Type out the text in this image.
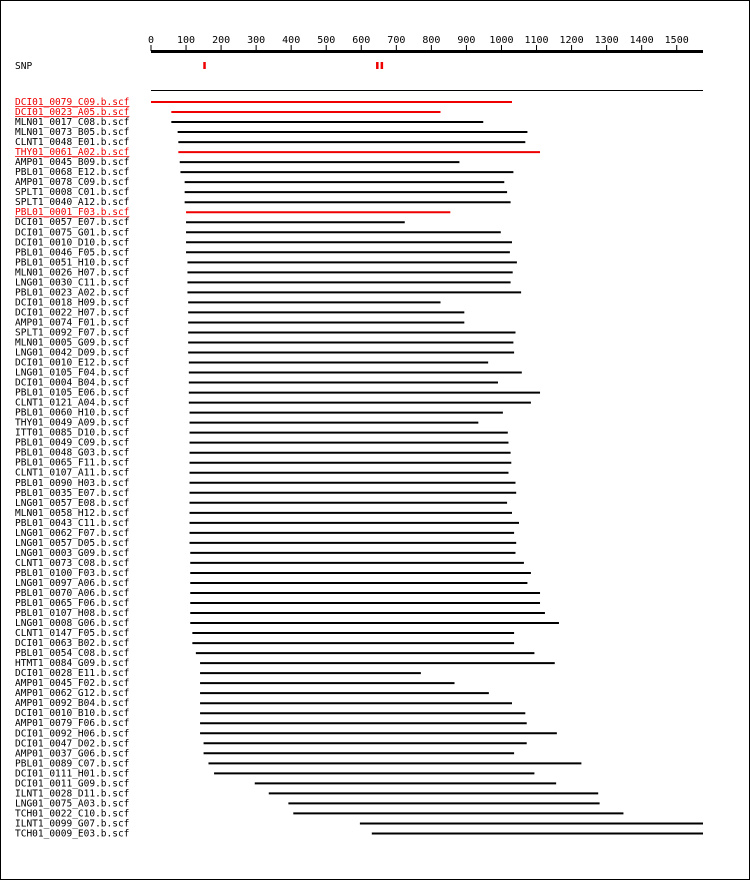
0 100 200 300 400 500 600 700 800 900 1000 1100 1200 1300 1400 1500
SNP
DCI01_0079_C09.b.scf
DCI01_0023_A05.b.scf
MLN01_0017_C08.b.scf
MLN01_0073_B05.b.scf
CLNT1_0048_E01.b.scf
THY01_0061_A02.b.scf
AMP01_0045_B09.b.scf
PBL01_0068_E12.b.scf
AMP01_0078_C09.b.scf
SPLT1_0008_C01.b.scf
SPLT1_0040_A12.b.scf
PBL01_0001_F03.b.scf
DCI01_0057_E07.b.scf
DCI01_0075_G01.b.scf
DCI01_0010_D10.b.scf
PBL01_0046_F05.b.scf
PBL01_0051_H10.b.scf
MLN01_0026_H07.b.scf
LNG01_0030_C11.b.scf
PBL01_0023_A02.b.scf
DCI01_0018_H09.b.scf
DCI01_0022_H07.b.scf
AMP01_0074_F01.b.scf
SPLT1_0092_F07.b.scf
MLN01_0005_G09.b.scf
LNG01_0042_D09.b.scf
DCI01_0010_E12.b.scf
LNG01_0105_F04.b.scf
DCI01_0004_B04.b.scf
PBL01_0105_E06.b.scf
CLNT1_0121_A04.b.scf
PBL01_0060_H10.b.scf
THY01_0049_A09.b.scf
ITT01_0085_D10.b.scf
PBL01_0049_C09.b.scf
PBL01_0048_G03.b.scf
PBL01_0065_F11.b.scf
CLNT1_0107_A11.b.scf
PBL01_0090_H03.b.scf
PBL01_0035_E07.b.scf
LNG01_0057_E08.b.scf
MLN01_0058_H12.b.scf
PBL01_0043_C11.b.scf
LNG01_0062_F07.b.scf
LNG01_0057_D05.b.scf
LNG01_0003_G09.b.scf
CLNT1_0073_C08.b.scf
PBL01_0100_F03.b.scf
LNG01_0097_A06.b.scf
PBL01_0070_A06.b.scf
PBL01_0065_F06.b.scf
PBL01_0107_H08.b.scf
LNG01_0008_G06.b.scf
CLNT1_0147_F05.b.scf
DCI01_0063_B02.b.scf
PBL01_0054_C08.b.scf
HTMT1_0084_G09.b.scf
DCI01_0028_E11.b.scf
AMP01_0045_F02.b.scf
AMP01_0062_G12.b.scf
AMP01_0092_B04.b.scf
DCI01_0010_B10.b.scf
AMP01_0079_F06.b.scf
DCI01_0092_H06.b.scf
DCI01_0047_D02.b.scf
AMP01_0037_G06.b.scf
PBL01_0089_C07.b.scf
DCI01_0111_H01.b.scf
DCI01_0011_G09.b.scf
ILNT1_0028_D11.b.scf
LNG01_0075_A03.b.scf
TCH01_0022_C10.b.scf
ILNT1_0099_G07.b.scf
TCH01_0009_E03.b.scf
